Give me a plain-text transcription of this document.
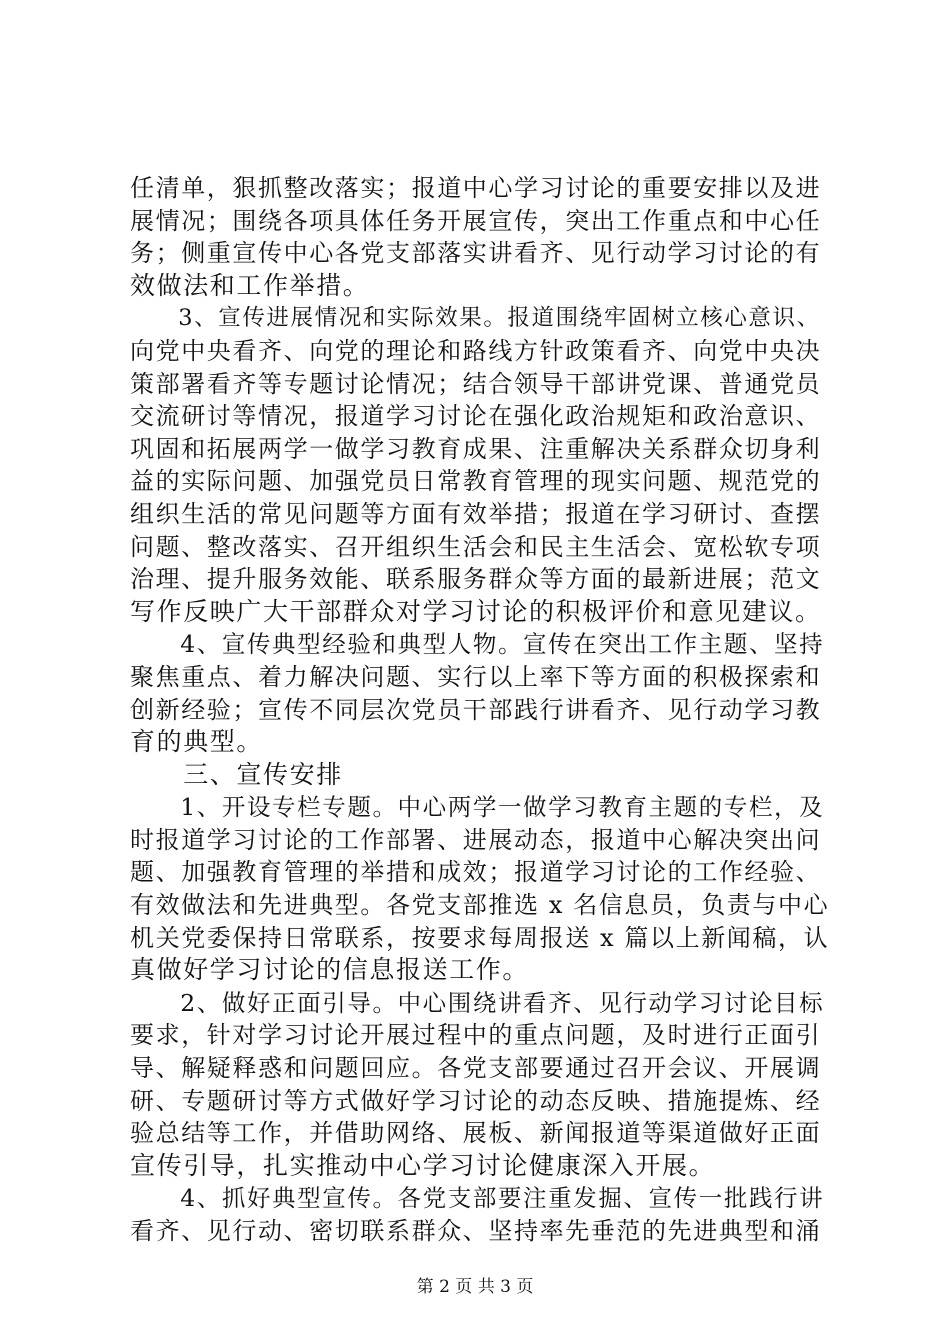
任清单，狠抓整改落实；报道中心学习讨论的重要安排以及进
展情况；围绕各项具体任务开展宣传，突出工作重点和中心任
务；侧重宣传中心各党支部落实讲看齐、见行动学习讨论的有
效做法和工作举措。
　　3、宣传进展情况和实际效果。报道围绕牢固树立核心意识、
向党中央看齐、向党的理论和路线方针政策看齐、向党中央决
策部署看齐等专题讨论情况；结合领导干部讲党课、普通党员
交流研讨等情况，报道学习讨论在强化政治规矩和政治意识、
巩固和拓展两学一做学习教育成果、注重解决关系群众切身利
益的实际问题、加强党员日常教育管理的现实问题、规范党的
组织生活的常见问题等方面有效举措；报道在学习研讨、查摆
问题、整改落实、召开组织生活会和民主生活会、宽松软专项
治理、提升服务效能、联系服务群众等方面的最新进展；范文
写作反映广大干部群众对学习讨论的积极评价和意见建议。
　　4、宣传典型经验和典型人物。宣传在突出工作主题、坚持
聚焦重点、着力解决问题、实行以上率下等方面的积极探索和
创新经验；宣传不同层次党员干部践行讲看齐、见行动学习教
育的典型。
　　三、宣传安排
　　1、开设专栏专题。中心两学一做学习教育主题的专栏，及
时报道学习讨论的工作部署、进展动态，报道中心解决突出问
题、加强教育管理的举措和成效；报道学习讨论的工作经验、
有效做法和先进典型。各党支部推选 x 名信息员，负责与中心
机关党委保持日常联系，按要求每周报送 x 篇以上新闻稿，认
真做好学习讨论的信息报送工作。
　　2、做好正面引导。中心围绕讲看齐、见行动学习讨论目标
要求，针对学习讨论开展过程中的重点问题，及时进行正面引
导、解疑释惑和问题回应。各党支部要通过召开会议、开展调
研、专题研讨等方式做好学习讨论的动态反映、措施提炼、经
验总结等工作，并借助网络、展板、新闻报道等渠道做好正面
宣传引导，扎实推动中心学习讨论健康深入开展。
　　4、抓好典型宣传。各党支部要注重发掘、宣传一批践行讲
看齐、见行动、密切联系群众、坚持率先垂范的先进典型和涌
第 2 页 共 3 页
